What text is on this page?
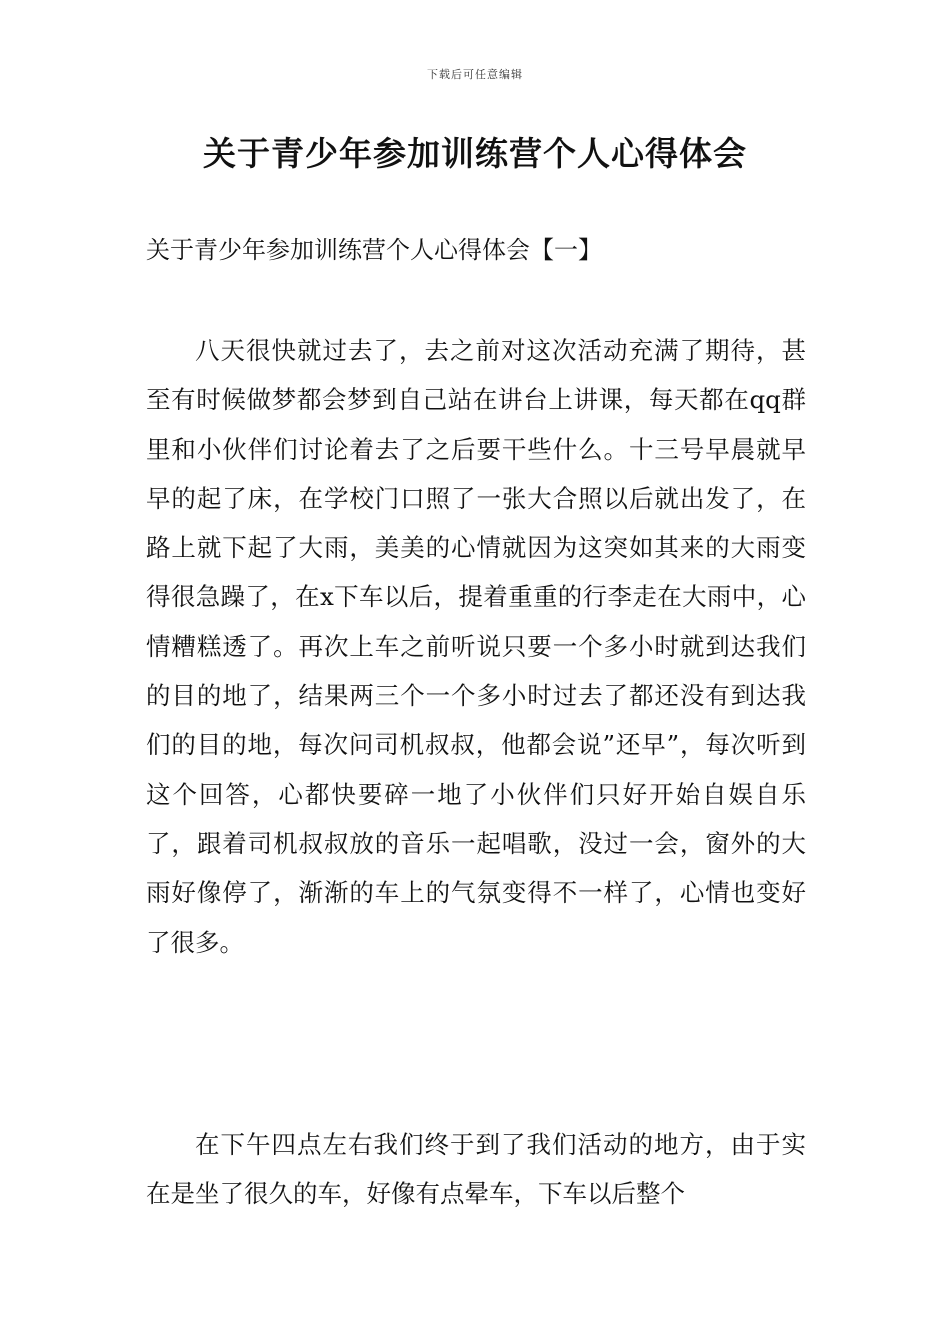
下载后可任意编辑
关于青少年参加训练营个人心得体会

关于青少年参加训练营个人心得体会【一】

八天很快就过去了，去之前对这次活动充满了期待，甚至有时候做梦都会梦到自己站在讲台上讲课，每天都在qq群里和小伙伴们讨论着去了之后要干些什么。十三号早晨就早早的起了床，在学校门口照了一张大合照以后就出发了，在路上就下起了大雨，美美的心情就因为这突如其来的大雨变得很急躁了，在x下车以后，提着重重的行李走在大雨中，心情糟糕透了。再次上车之前听说只要一个多小时就到达我们的目的地了，结果两三个一个多小时过去了都还没有到达我们的目的地，每次问司机叔叔，他都会说”还早”，每次听到这个回答，心都快要碎一地了小伙伴们只好开始自娱自乐了，跟着司机叔叔放的音乐一起唱歌，没过一会，窗外的大雨好像停了，渐渐的车上的气氛变得不一样了，心情也变好了很多。

在下午四点左右我们终于到了我们活动的地方，由于实在是坐了很久的车，好像有点晕车，下车以后整个
